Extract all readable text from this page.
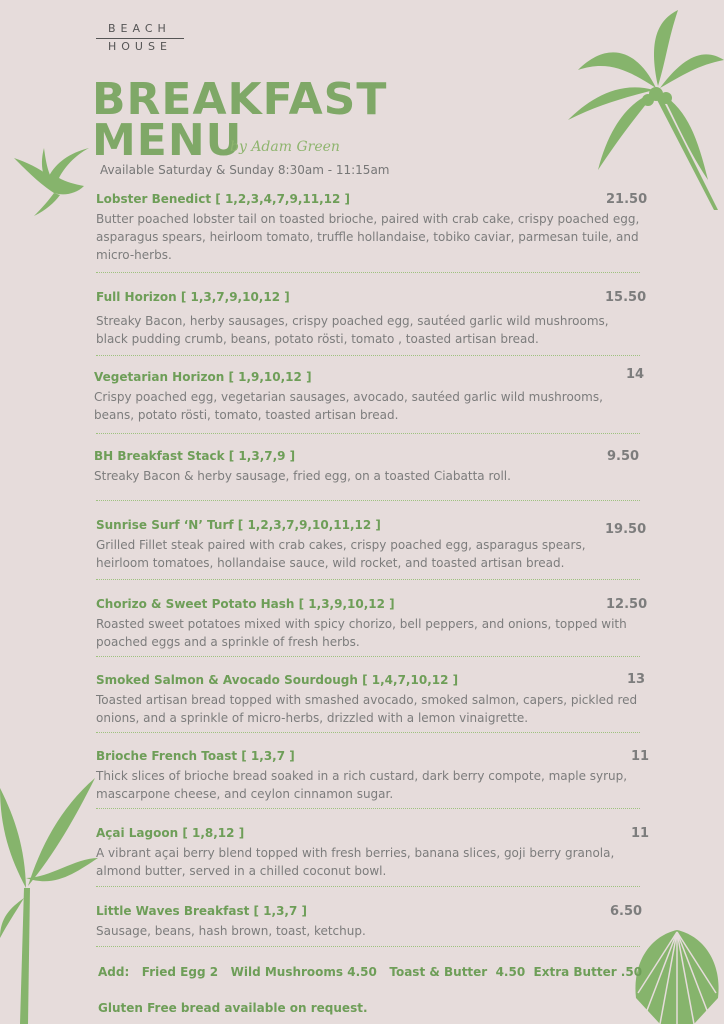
BEACH
HOUSE
BREAKFAST
MENU
by Adam Green
Available Saturday & Sunday 8:30am - 11:15am
Lobster Benedict [ 1,2,3,4,7,9,11,12 ]	21.50
Butter poached lobster tail on toasted brioche, paired with crab cake, crispy poached egg, asparagus spears, heirloom tomato, truffle hollandaise, tobiko caviar, parmesan tuile, and micro-herbs.
Full Horizon [ 1,3,7,9,10,12 ]	15.50
Streaky Bacon, herby sausages, crispy poached egg, sautéed garlic wild mushrooms, black pudding crumb, beans, potato rösti, tomato , toasted artisan bread.
Vegetarian Horizon [ 1,9,10,12 ]	14
Crispy poached egg, vegetarian sausages, avocado, sautéed garlic wild mushrooms, beans, potato rösti, tomato, toasted artisan bread.
BH Breakfast Stack [ 1,3,7,9 ]	9.50
Streaky Bacon & herby sausage, fried egg, on a toasted Ciabatta roll.
Sunrise Surf ‘N’ Turf [ 1,2,3,7,9,10,11,12 ]	19.50
Grilled Fillet steak paired with crab cakes, crispy poached egg, asparagus spears, heirloom tomatoes, hollandaise sauce, wild rocket, and toasted artisan bread.
Chorizo & Sweet Potato Hash [ 1,3,9,10,12 ]	12.50
Roasted sweet potatoes mixed with spicy chorizo, bell peppers, and onions, topped with poached eggs and a sprinkle of fresh herbs.
Smoked Salmon & Avocado Sourdough [ 1,4,7,10,12 ]	13
Toasted artisan bread topped with smashed avocado, smoked salmon, capers, pickled red onions, and a sprinkle of micro-herbs, drizzled with a lemon vinaigrette.
Brioche French Toast [ 1,3,7 ]	11
Thick slices of brioche bread soaked in a rich custard, dark berry compote, maple syrup, mascarpone cheese, and ceylon cinnamon sugar.
Açai Lagoon [ 1,8,12 ]	11
A vibrant açai berry blend topped with fresh berries, banana slices, goji berry granola, almond butter, served in a chilled coconut bowl.
Little Waves Breakfast [ 1,3,7 ]	6.50
Sausage, beans, hash brown, toast, ketchup.
Add:   Fried Egg 2   Wild Mushrooms 4.50   Toast & Butter  4.50  Extra Butter .50
Gluten Free bread available on request.
